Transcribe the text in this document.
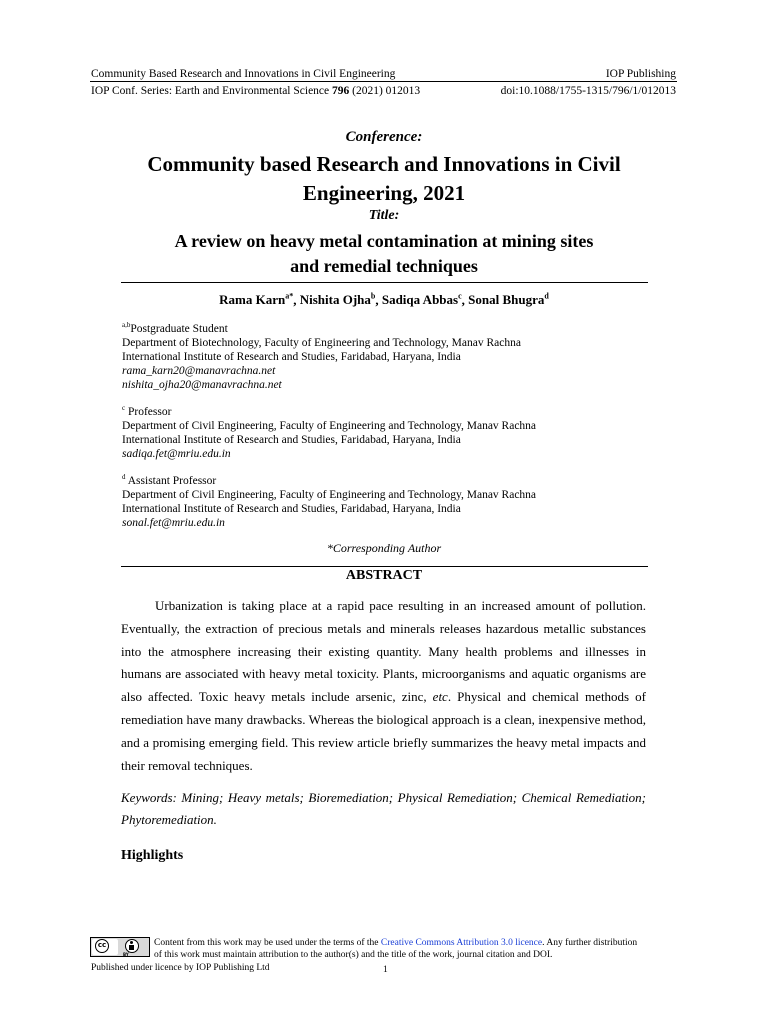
Community Based Research and Innovations in Civil Engineering	IOP Publishing
IOP Conf. Series: Earth and Environmental Science 796 (2021) 012013	doi:10.1088/1755-1315/796/1/012013
Conference:
Community based Research and Innovations in Civil
Engineering, 2021
Title:
A review on heavy metal contamination at mining sites
and remedial techniques
Rama Karn$^{a*}$, Nishita Ojha$^b$, Sadiqa Abbas$^c$, Sonal Bhugra$^d$
$^{a,b}$Postgraduate Student
Department of Biotechnology, Faculty of Engineering and Technology, Manav Rachna
International Institute of Research and Studies, Faridabad, Haryana, India
rama_karn20@manavrachna.net
nishita_ojha20@manavrachna.net
$^c$ Professor
Department of Civil Engineering, Faculty of Engineering and Technology, Manav Rachna
International Institute of Research and Studies, Faridabad, Haryana, India
sadiqa.fet@mriu.edu.in
$^d$ Assistant Professor
Department of Civil Engineering, Faculty of Engineering and Technology, Manav Rachna
International Institute of Research and Studies, Faridabad, Haryana, India
sonal.fet@mriu.edu.in
*Corresponding Author
ABSTRACT
Urbanization is taking place at a rapid pace resulting in an increased amount of pollution. Eventually, the extraction of precious metals and minerals releases hazardous metallic substances into the atmosphere increasing their existing quantity. Many health problems and illnesses in humans are associated with heavy metal toxicity. Plants, microorganisms and aquatic organisms are also affected. Toxic heavy metals include arsenic, zinc, etc. Physical and chemical methods of remediation have many drawbacks. Whereas the biological approach is a clean, inexpensive method, and a promising emerging field. This review article briefly summarizes the heavy metal impacts and their removal techniques.
Keywords: Mining; Heavy metals; Bioremediation; Physical Remediation; Chemical Remediation; Phytoremediation.
Highlights
cc
BY
Content from this work may be used under the terms of the Creative Commons Attribution 3.0 licence. Any further distribution
of this work must maintain attribution to the author(s) and the title of the work, journal citation and DOI.
Published under licence by IOP Publishing Ltd	1
